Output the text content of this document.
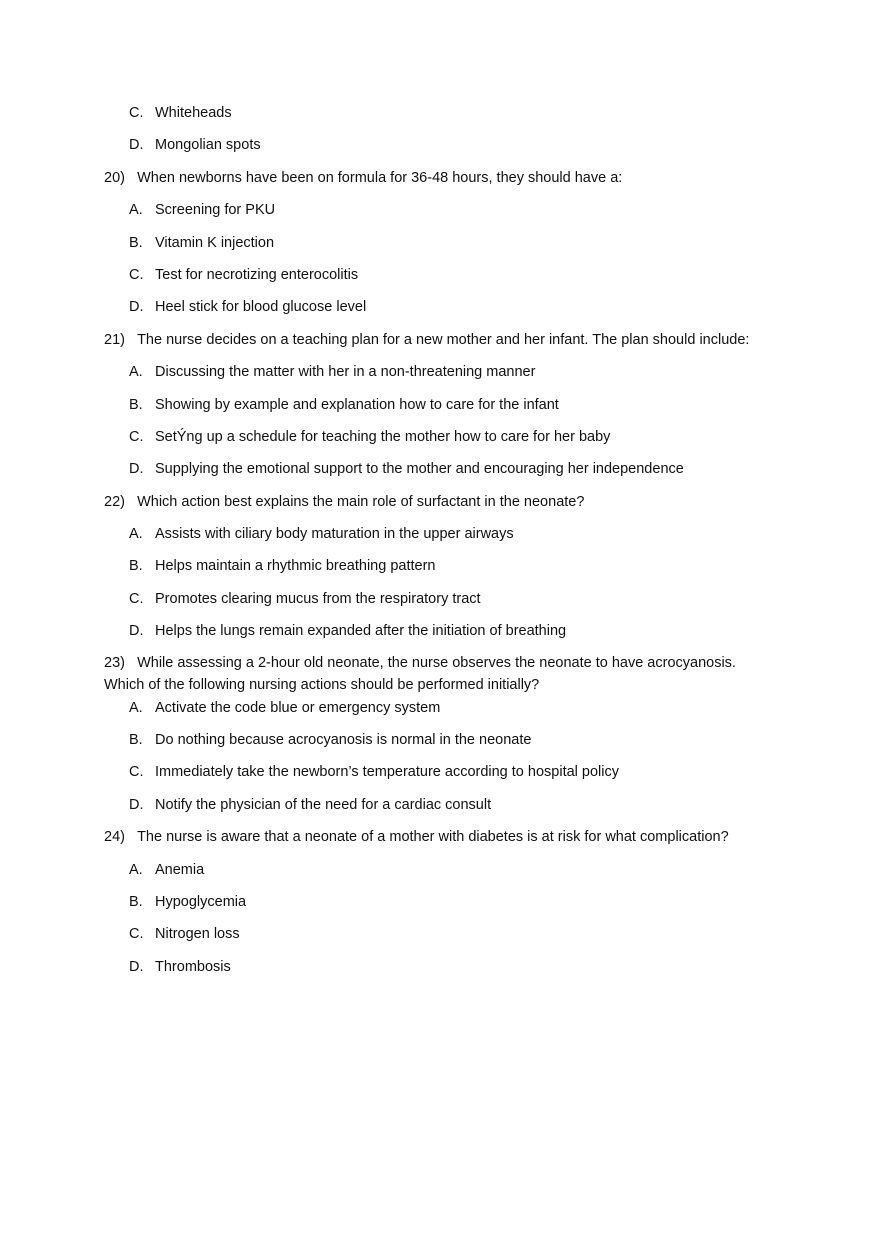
C. Whiteheads
D. Mongolian spots
20)
When newborns have been on formula for 36-48 hours, they should have a:
A. Screening for PKU
B. Vitamin K injection
C. Test for necrotizing enterocolitis
D. Heel stick for blood glucose level
21)
The nurse decides on a teaching plan for a new mother and her infant. The plan should include:
A. Discussing the matter with her in a non-threatening manner
B. Showing by example and explanation how to care for the infant
C. SetÝng up a schedule for teaching the mother how to care for her baby
D. Supplying the emotional support to the mother and encouraging her independence
22)
Which action best explains the main role of surfactant in the neonate?
A. Assists with ciliary body maturation in the upper airways
B. Helps maintain a rhythmic breathing pattern
C. Promotes clearing mucus from the respiratory tract
D. Helps the lungs remain expanded after the initiation of breathing
23) While assessing a 2-hour old neonate, the nurse observes the neonate to have acrocyanosis. Which of the following nursing actions should be performed initially?
A. Activate the code blue or emergency system
B. Do nothing because acrocyanosis is normal in the neonate
C. Immediately take the newborn’s temperature according to hospital policy
D. Notify the physician of the need for a cardiac consult
24)
The nurse is aware that a neonate of a mother with diabetes is at risk for what complication?
A. Anemia
B. Hypoglycemia
C. Nitrogen loss
D. Thrombosis
